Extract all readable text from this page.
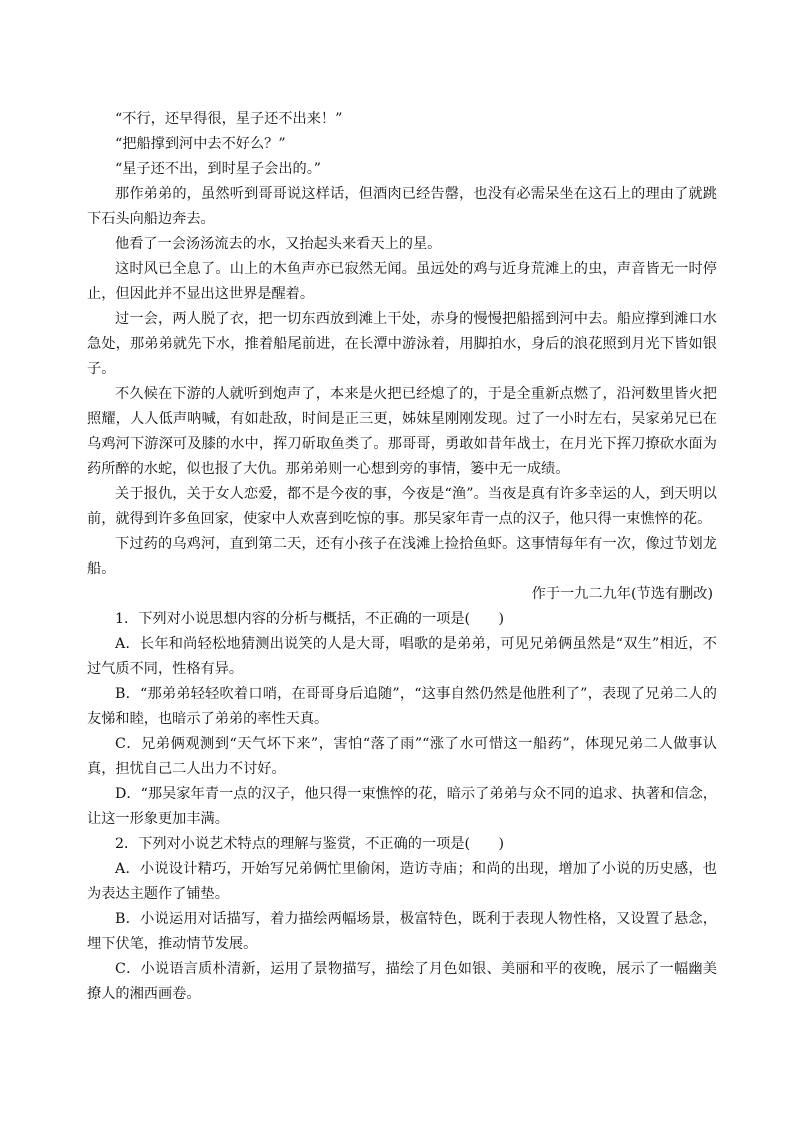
“不行，还早得很，星子还不出来！”

“把船撑到河中去不好么？”

“星子还不出，到时星子会出的。”

那作弟弟的，虽然听到哥哥说这样话，但酒肉已经告罄，也没有必需呆坐在这石上的理由了就跳下石头向船边奔去。

他看了一会汤汤流去的水，又抬起头来看天上的星。

这时风已全息了。山上的木鱼声亦已寂然无闻。虽远处的鸡与近身荒滩上的虫，声音皆无一时停止，但因此并不显出这世界是醒着。

过一会，两人脱了衣，把一切东西放到滩上干处，赤身的慢慢把船摇到河中去。船应撑到滩口水急处，那弟弟就先下水，推着船尾前进，在长潭中游泳着，用脚拍水，身后的浪花照到月光下皆如银子。

不久候在下游的人就听到炮声了，本来是火把已经熄了的，于是全重新点燃了，沿河数里皆火把照耀，人人低声呐喊，有如赴敌，时间是正三更，姊妹星刚刚发现。过了一小时左右，吴家弟兄已在乌鸡河下游深可及膝的水中，挥刀斫取鱼类了。那哥哥，勇敢如昔年战士，在月光下挥刀撩砍水面为药所醉的水蛇，似也报了大仇。那弟弟则一心想到旁的事情，篓中无一成绩。

关于报仇，关于女人恋爱，都不是今夜的事，今夜是“渔”。当夜是真有许多幸运的人，到天明以前，就得到许多鱼回家，使家中人欢喜到吃惊的事。那吴家年青一点的汉子，他只得一束憔悴的花。

下过药的乌鸡河，直到第二天，还有小孩子在浅滩上捡拾鱼虾。这事情每年有一次，像过节划龙船。

作于一九二九年(节选有删改)

1．下列对小说思想内容的分析与概括，不正确的一项是(　　)

A．长年和尚轻松地猜测出说笑的人是大哥，唱歌的是弟弟，可见兄弟俩虽然是“双生”相近，不过气质不同，性格有异。

B．“那弟弟轻轻吹着口哨，在哥哥身后追随”，“这事自然仍然是他胜利了”，表现了兄弟二人的友悌和睦，也暗示了弟弟的率性天真。

C．兄弟俩观测到“天气坏下来”，害怕“落了雨”“涨了水可惜这一船药”，体现兄弟二人做事认真，担忧自己二人出力不讨好。

D．“那吴家年青一点的汉子，他只得一束憔悴的花，暗示了弟弟与众不同的追求、执著和信念，让这一形象更加丰满。

2．下列对小说艺术特点的理解与鉴赏，不正确的一项是(　　)

A．小说设计精巧，开始写兄弟俩忙里偷闲，造访寺庙；和尚的出现，增加了小说的历史感，也为表达主题作了铺垫。

B．小说运用对话描写，着力描绘两幅场景，极富特色，既利于表现人物性格，又设置了悬念，埋下伏笔，推动情节发展。

C．小说语言质朴清新，运用了景物描写，描绘了月色如银、美丽和平的夜晚，展示了一幅幽美撩人的湘西画卷。
